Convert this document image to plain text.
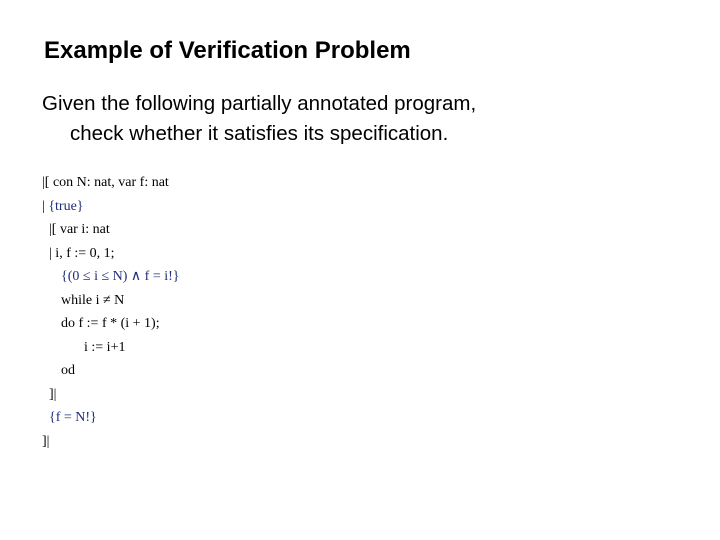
Example of Verification Problem
Given the following partially annotated program,
check whether it satisfies its specification.
|[ con N: nat, var f: nat
| {true}
|[ var i: nat
| i, f := 0, 1;
{(0 ≤ i ≤ N) ∧ f = i!}
while i ≠ N
do f := f * (i + 1);
i := i+1
od
]|
{f = N!}
]|
